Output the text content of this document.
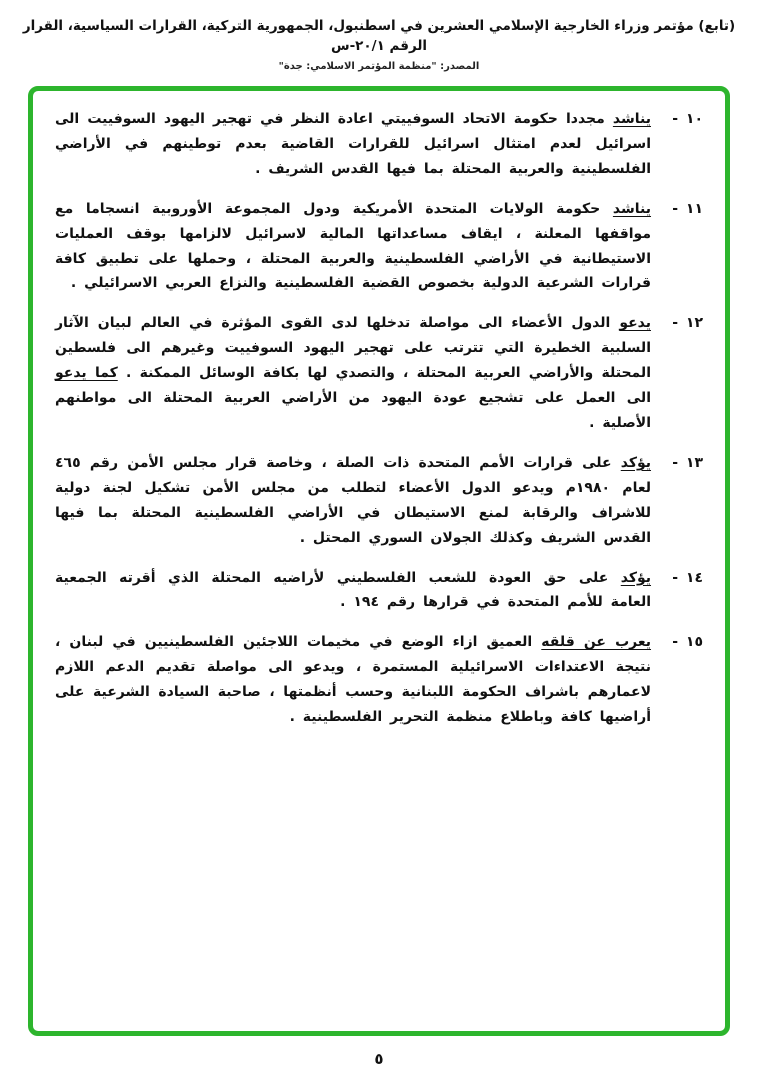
(تابع) مؤتمر وزراء الخارجية الإسلامي العشرين في اسطنبول، الجمهورية التركية، القرارات السياسية، القرار الرقم ٢٠/١-س
المصدر: "منظمة المؤتمر الاسلامي: جدة"
١٠ -
يناشد مجددا حكومة الاتحاد السوفييتي اعادة النظر في تهجير اليهود السوفييت الى اسرائيل لعدم امتثال اسرائيل للقرارات القاضية بعدم توطينهم في الأراضي الفلسطينية والعربية المحتلة بما فيها القدس الشريف .
١١ -
يناشد حكومة الولايات المتحدة الأمريكية ودول المجموعة الأوروبية انسجاما مع مواقفها المعلنة ، ايقاف مساعداتها المالية لاسرائيل لالزامها بوقف العمليات الاستيطانية في الأراضي الفلسطينية والعربية المحتلة ، وحملها على تطبيق كافة قرارات الشرعية الدولية بخصوص القضية الفلسطينية والنزاع العربي الاسرائيلي .
١٢ -
يدعو الدول الأعضاء الى مواصلة تدخلها لدى القوى المؤثرة في العالم لبيان الآثار السلبية الخطيرة التي تترتب على تهجير اليهود السوفييت وغيرهم الى فلسطين المحتلة والأراضي العربية المحتلة ، والتصدي لها بكافة الوسائل الممكنة . كما يدعو الى العمل على تشجيع عودة اليهود من الأراضي العربية المحتلة الى مواطنهم الأصلية .
١٣ -
يؤكد على قرارات الأمم المتحدة ذات الصلة ، وخاصة قرار مجلس الأمن رقم ٤٦٥ لعام ١٩٨٠م ويدعو الدول الأعضاء لتطلب من مجلس الأمن تشكيل لجنة دولية للاشراف والرقابة لمنع الاستيطان في الأراضي الفلسطينية المحتلة بما فيها القدس الشريف وكذلك الجولان السوري المحتل .
١٤ -
يؤكد على حق العودة للشعب الفلسطيني لأراضيه المحتلة الذي أقرته الجمعية العامة للأمم المتحدة في قرارها رقم ١٩٤ .
١٥ -
يعرب عن قلقه العميق ازاء الوضع في مخيمات اللاجئين الفلسطينيين في لبنان ، نتيجة الاعتداءات الاسرائيلية المستمرة ، ويدعو الى مواصلة تقديم الدعم اللازم لاعمارهم باشراف الحكومة اللبنانية وحسب أنظمتها ، صاحبة السيادة الشرعية على أراضيها كافة وباطلاع منظمة التحرير الفلسطينية .
٥
